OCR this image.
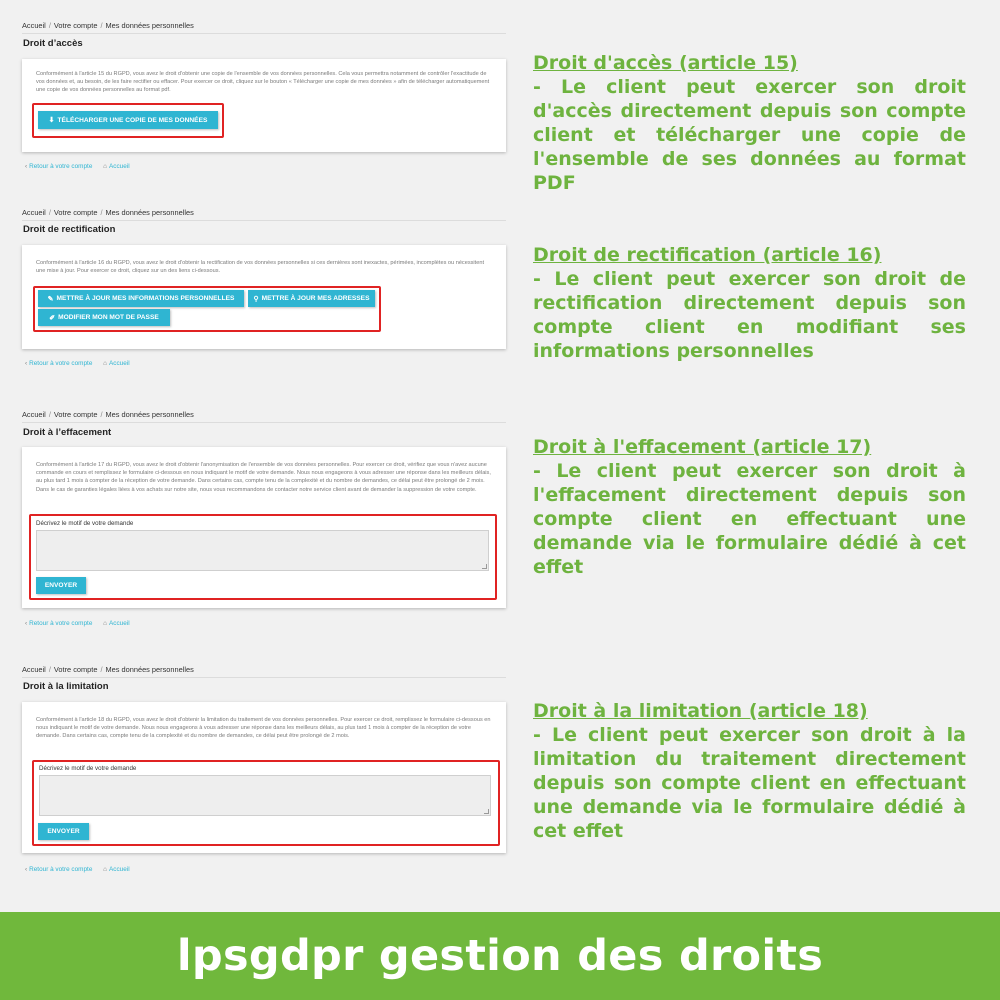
Accueil / Votre compte / Mes données personnelles
Droit d’accès
Conformément à l'article 15 du RGPD, vous avez le droit d'obtenir une copie de l'ensemble de vos données personnelles. Cela vous permettra notamment de contrôler l'exactitude de vos données et, au besoin, de les faire rectifier ou effacer. Pour exercer ce droit, cliquez sur le bouton « Télécharger une copie de mes données » afin de télécharger automatiquement une copie de vos données personnelles au format pdf.
⬇ TÉLÉCHARGER UNE COPIE DE MES DONNÉES
‹ Retour à votre compte ⌂ Accueil
Accueil / Votre compte / Mes données personnelles
Droit de rectification
Conformément à l'article 16 du RGPD, vous avez le droit d'obtenir la rectification de vos données personnelles si ces dernières sont inexactes, périmées, incomplètes ou nécessitent une mise à jour. Pour exercer ce droit, cliquez sur un des liens ci-dessous.
✎ METTRE À JOUR MES INFORMATIONS PERSONNELLES	⚲ METTRE À JOUR MES ADRESSES
✐ MODIFIER MON MOT DE PASSE
‹ Retour à votre compte ⌂ Accueil
Accueil / Votre compte / Mes données personnelles
Droit à l’effacement
Conformément à l'article 17 du RGPD, vous avez le droit d'obtenir l'anonymisation de l'ensemble de vos données personnelles. Pour exercer ce droit, vérifiez que vous n'avez aucune commande en cours et remplissez le formulaire ci-dessous en nous indiquant le motif de votre demande. Nous nous engageons à vous adresser une réponse dans les meilleurs délais, au plus tard 1 mois à compter de la réception de votre demande. Dans certains cas, compte tenu de la complexité et du nombre de demandes, ce délai peut être prolongé de 2 mois. Dans le cas de garanties légales liées à vos achats sur notre site, nous vous recommandons de contacter notre service client avant de demander la suppression de votre compte.
Décrivez le motif de votre demande
ENVOYER
‹ Retour à votre compte ⌂ Accueil
Accueil / Votre compte / Mes données personnelles
Droit à la limitation
Conformément à l'article 18 du RGPD, vous avez le droit d'obtenir la limitation du traitement de vos données personnelles. Pour exercer ce droit, remplissez le formulaire ci-dessous en nous indiquant le motif de votre demande. Nous nous engageons à vous adresser une réponse dans les meilleurs délais, au plus tard 1 mois à compter de la réception de votre demande. Dans certains cas, compte tenu de la complexité et du nombre de demandes, ce délai peut être prolongé de 2 mois.
Décrivez le motif de votre demande
ENVOYER
‹ Retour à votre compte ⌂ Accueil
Droit d'accès (article 15)
- Le client peut exercer son droit d'accès directement depuis son compte client et télécharger une copie de l'ensemble de ses données au format PDF
Droit de rectification (article 16)
- Le client peut exercer son droit de rectification directement depuis son compte client en modifiant ses informations personnelles
Droit à l'effacement (article 17)
- Le client peut exercer son droit à l'effacement directement depuis son compte client en effectuant une demande via le formulaire dédié à cet effet
Droit à la limitation (article 18)
- Le client peut exercer son droit à la limitation du traitement directement depuis son compte client en effectuant une demande via le formulaire dédié à cet effet
lpsgdpr gestion des droits
